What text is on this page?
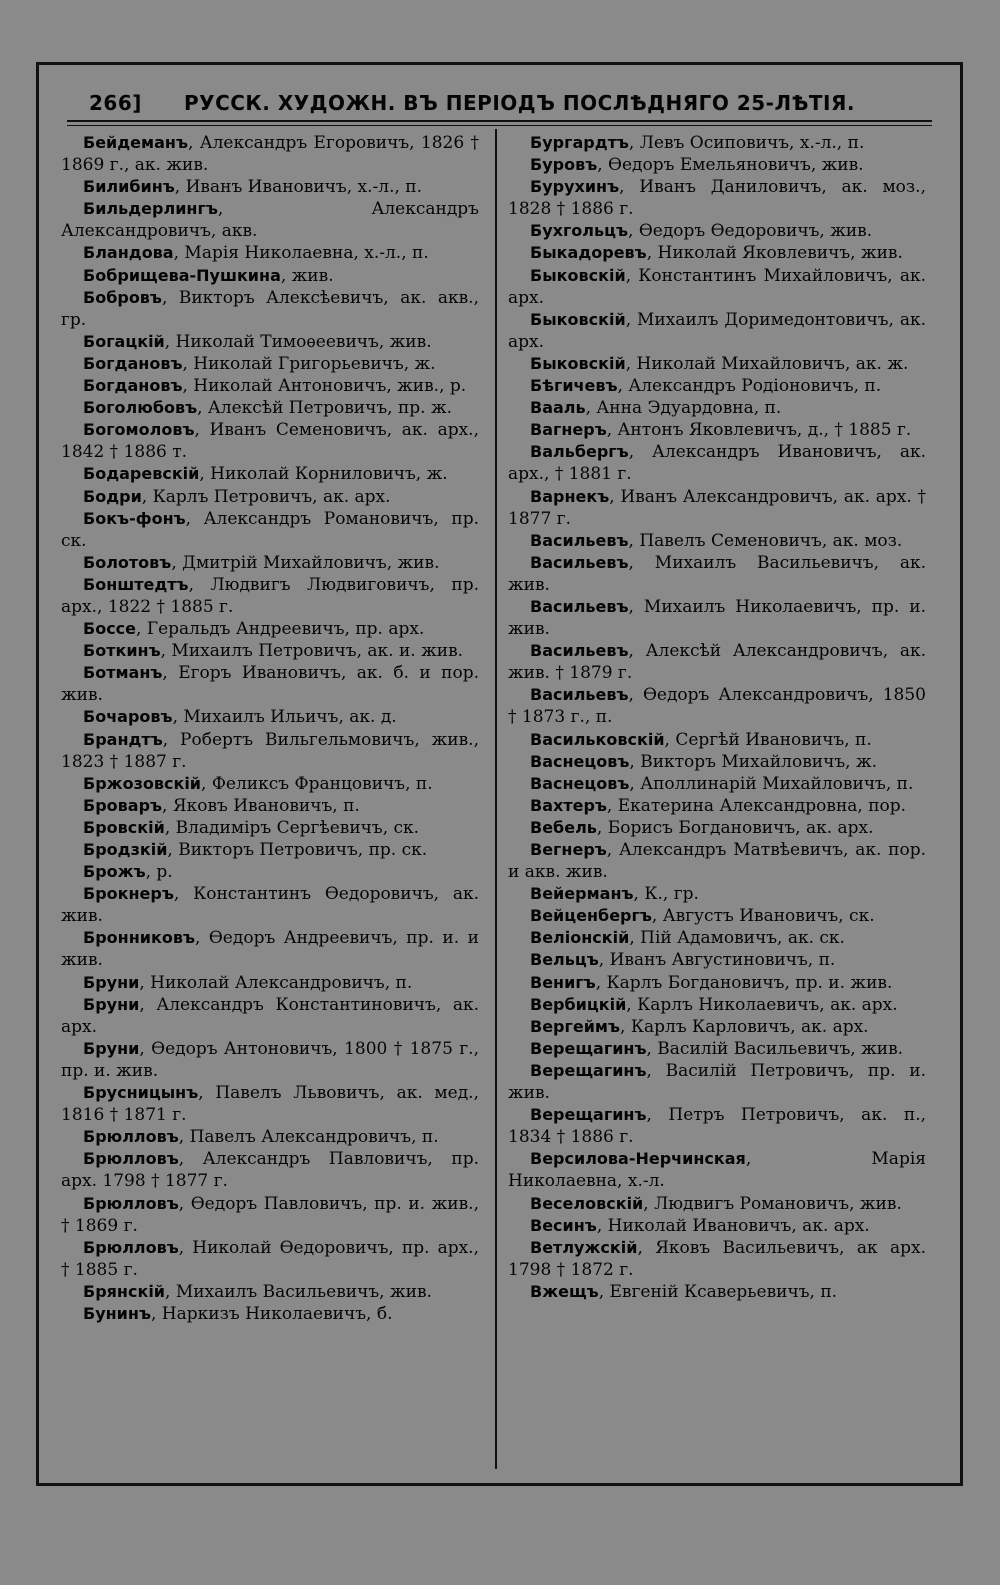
266] РУССК. ХУДОЖН. ВЪ ПЕРІОДЪ ПОСЛѢДНЯГО 25-ЛѢТІЯ.

Бейдеманъ, Александръ Егоровичъ, 1826 † 1869 г., ак. жив.

Билибинъ, Иванъ Ивановичъ, х.-л., п.

Бильдерлингъ, Александръ Александровичъ, акв.

Бландова, Марія Николаевна, х.-л., п.

Бобрищева-Пушкина, жив.

Бобровъ, Викторъ Алексѣевичъ, ак. акв., гр.

Богацкій, Николай Тимоѳеевичъ, жив.

Богдановъ, Николай Григорьевичъ, ж.

Богдановъ, Николай Антоновичъ, жив., р.

Боголюбовъ, Алексѣй Петровичъ, пр. ж.

Богомоловъ, Иванъ Семеновичъ, ак. арх., 1842 † 1886 т.

Бодаревскій, Николай Корниловичъ, ж.

Бодри, Карлъ Петровичъ, ак. арх.

Бокъ-фонъ, Александръ Романовичъ, пр. ск.

Болотовъ, Дмитрій Михайловичъ, жив.

Бонштедтъ, Людвигъ Людвиговичъ, пр. арх., 1822 † 1885 г.

Боссе, Геральдъ Андреевичъ, пр. арх.

Боткинъ, Михаилъ Петровичъ, ак. и. жив.

Ботманъ, Егоръ Ивановичъ, ак. б. и пор. жив.

Бочаровъ, Михаилъ Ильичъ, ак. д.

Брандтъ, Робертъ Вильгельмовичъ, жив., 1823 † 1887 г.

Бржозовскій, Феликсъ Францовичъ, п.

Броваръ, Яковъ Ивановичъ, п.

Бровскій, Владиміръ Сергѣевичъ, ск.

Бродзкій, Викторъ Петровичъ, пр. ск.

Брожъ, р.

Брокнеръ, Константинъ Ѳедоровичъ, ак. жив.

Бронниковъ, Ѳедоръ Андреевичъ, пр. и. и жив.

Бруни, Николай Александровичъ, п.

Бруни, Александръ Константиновичъ, ак. арх.

Бруни, Ѳедоръ Антоновичъ, 1800 † 1875 г., пр. и. жив.

Брусницынъ, Павелъ Львовичъ, ак. мед., 1816 † 1871 г.

Брюлловъ, Павелъ Александровичъ, п.

Брюлловъ, Александръ Павловичъ, пр. арх. 1798 † 1877 г.

Брюлловъ, Ѳедоръ Павловичъ, пр. и. жив., † 1869 г.

Брюлловъ, Николай Ѳедоровичъ, пр. арх., † 1885 г.

Брянскій, Михаилъ Васильевичъ, жив.

Бунинъ, Наркизъ Николаевичъ, б.

Бургардтъ, Левъ Осиповичъ, х.-л., п.

Буровъ, Ѳедоръ Емельяновичъ, жив.

Бурухинъ, Иванъ Даниловичъ, ак. моз., 1828 † 1886 г.

Бухгольцъ, Ѳедоръ Ѳедоровичъ, жив.

Быкадоревъ, Николай Яковлевичъ, жив.

Быковскій, Константинъ Михайловичъ, ак. арх.

Быковскій, Михаилъ Доримедонтовичъ, ак. арх.

Быковскій, Николай Михайловичъ, ак. ж.

Бѣгичевъ, Александръ Родіоновичъ, п.

Вааль, Анна Эдуардовна, п.

Вагнеръ, Антонъ Яковлевичъ, д., † 1885 г.

Вальбергъ, Александръ Ивановичъ, ак. арх., † 1881 г.

Варнекъ, Иванъ Александровичъ, ак. арх. † 1877 г.

Васильевъ, Павелъ Семеновичъ, ак. моз.

Васильевъ, Михаилъ Васильевичъ, ак. жив.

Васильевъ, Михаилъ Николаевичъ, пр. и. жив.

Васильевъ, Алексѣй Александровичъ, ак. жив. † 1879 г.

Васильевъ, Ѳедоръ Александровичъ, 1850 † 1873 г., п.

Васильковскій, Сергѣй Ивановичъ, п.

Васнецовъ, Викторъ Михайловичъ, ж.

Васнецовъ, Аполлинарій Михайловичъ, п.

Вахтеръ, Екатерина Александровна, пор.

Вебель, Борисъ Богдановичъ, ак. арх.

Вегнеръ, Александръ Матвѣевичъ, ак. пор. и акв. жив.

Вейерманъ, К., гр.

Вейценбергъ, Августъ Ивановичъ, ск.

Веліонскій, Пій Адамовичъ, ак. ск.

Вельцъ, Иванъ Августиновичъ, п.

Венигъ, Карлъ Богдановичъ, пр. и. жив.

Вербицкій, Карлъ Николаевичъ, ак. арх.

Вергеймъ, Карлъ Карловичъ, ак. арх.

Верещагинъ, Василій Васильевичъ, жив.

Верещагинъ, Василій Петровичъ, пр. и. жив.

Верещагинъ, Петръ Петровичъ, ак. п., 1834 † 1886 г.

Версилова-Нерчинская, Марія Николаевна, х.-л.

Веселовскій, Людвигъ Романовичъ, жив.

Весинъ, Николай Ивановичъ, ак. арх.

Ветлужскій, Яковъ Васильевичъ, ак арх. 1798 † 1872 г.

Вжещъ, Евгеній Ксаверьевичъ, п.
